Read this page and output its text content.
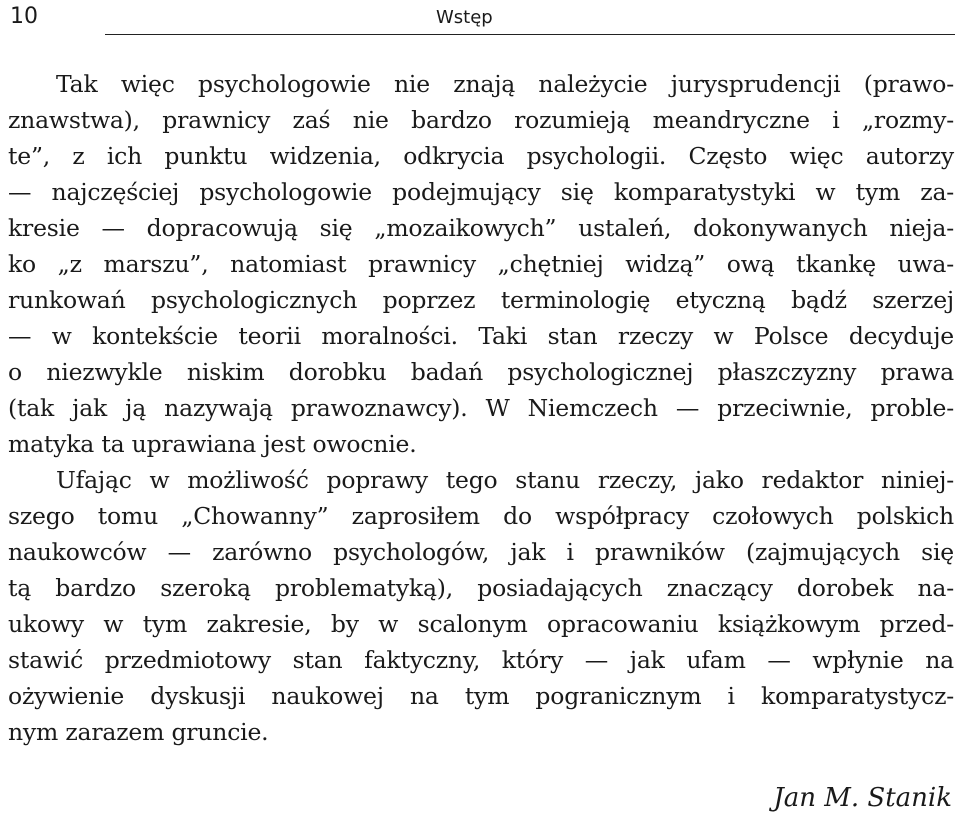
10	Wstęp
Tak więc psychologowie nie znają należycie jurysprudencji (prawo-
znawstwa), prawnicy zaś nie bardzo rozumieją meandryczne i „rozmy-
te”, z ich punktu widzenia, odkrycia psychologii. Często więc autorzy
— najczęściej psychologowie podejmujący się komparatystyki w tym za-
kresie — dopracowują się „mozaikowych” ustaleń, dokonywanych nieja-
ko „z marszu”, natomiast prawnicy „chętniej widzą” ową tkankę uwa-
runkowań psychologicznych poprzez terminologię etyczną bądź szerzej
— w kontekście teorii moralności. Taki stan rzeczy w Polsce decyduje
o niezwykle niskim dorobku badań psychologicznej płaszczyzny prawa
(tak jak ją nazywają prawoznawcy). W Niemczech — przeciwnie, proble-
matyka ta uprawiana jest owocnie.
Ufając w możliwość poprawy tego stanu rzeczy, jako redaktor niniej-
szego tomu „Chowanny” zaprosiłem do współpracy czołowych polskich
naukowców — zarówno psychologów, jak i prawników (zajmujących się
tą bardzo szeroką problematyką), posiadających znaczący dorobek na-
ukowy w tym zakresie, by w scalonym opracowaniu książkowym przed-
stawić przedmiotowy stan faktyczny, który — jak ufam — wpłynie na
ożywienie dyskusji naukowej na tym pogranicznym i komparatystycz-
nym zarazem gruncie.
Jan M. Stanik
